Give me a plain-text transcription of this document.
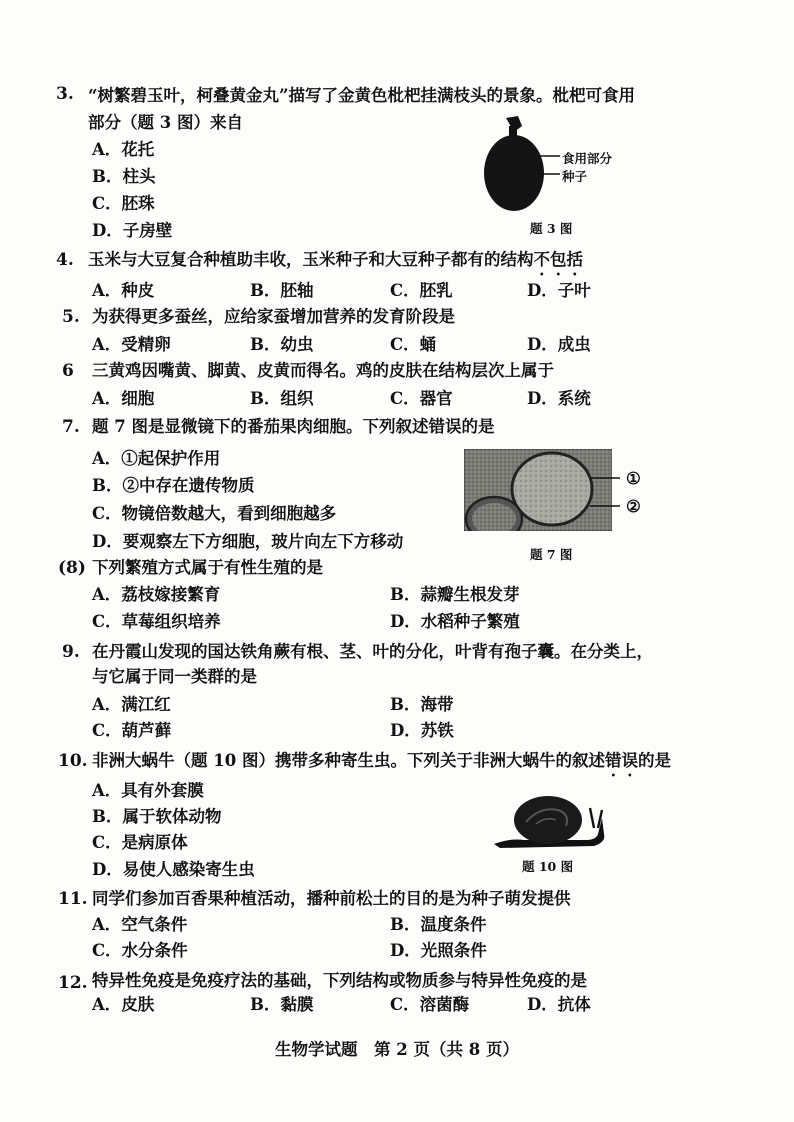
3. “树繁碧玉叶，柯叠黄金丸”描写了金黄色枇杷挂满枝头的景象。枇杷可食用
部分（题 3 图）来自
A．花托
B．柱头
C．胚珠
D．子房壁
食用部分
种子
题 3 图
4. 玉米与大豆复合种植助丰收，玉米种子和大豆种子都有的结构不包括
A．种皮	B．胚轴	C．胚乳	D．子叶
5. 为获得更多蚕丝，应给家蚕增加营养的发育阶段是
A．受精卵	B．幼虫	C．蛹	D．成虫
6 三黄鸡因嘴黄、脚黄、皮黄而得名。鸡的皮肤在结构层次上属于
A．细胞	B．组织	C．器官	D．系统
7. 题 7 图是显微镜下的番茄果肉细胞。下列叙述错误的是
A．①起保护作用
B．②中存在遗传物质
C．物镜倍数越大，看到细胞越多
D．要观察左下方细胞，玻片向左下方移动
①
②
题 7 图
(8) 下列繁殖方式属于有性生殖的是
A．荔枝嫁接繁育	B．蒜瓣生根发芽
C．草莓组织培养	D．水稻种子繁殖
9. 在丹霞山发现的国达铁角蕨有根、茎、叶的分化，叶背有孢子囊。在分类上，
与它属于同一类群的是
A．满江红	B．海带
C．葫芦藓	D．苏铁
10. 非洲大蜗牛（题 10 图）携带多种寄生虫。下列关于非洲大蜗牛的叙述错误的是
A．具有外套膜
B．属于软体动物
C．是病原体
D．易使人感染寄生虫	题 10 图
11. 同学们参加百香果种植活动，播种前松土的目的是为种子萌发提供
A．空气条件	B．温度条件
C．水分条件	D．光照条件
12. 特异性免疫是免疫疗法的基础，下列结构或物质参与特异性免疫的是
A．皮肤	B．黏膜	C．溶菌酶	D．抗体
生物学试题　第 2 页（共 8 页）
